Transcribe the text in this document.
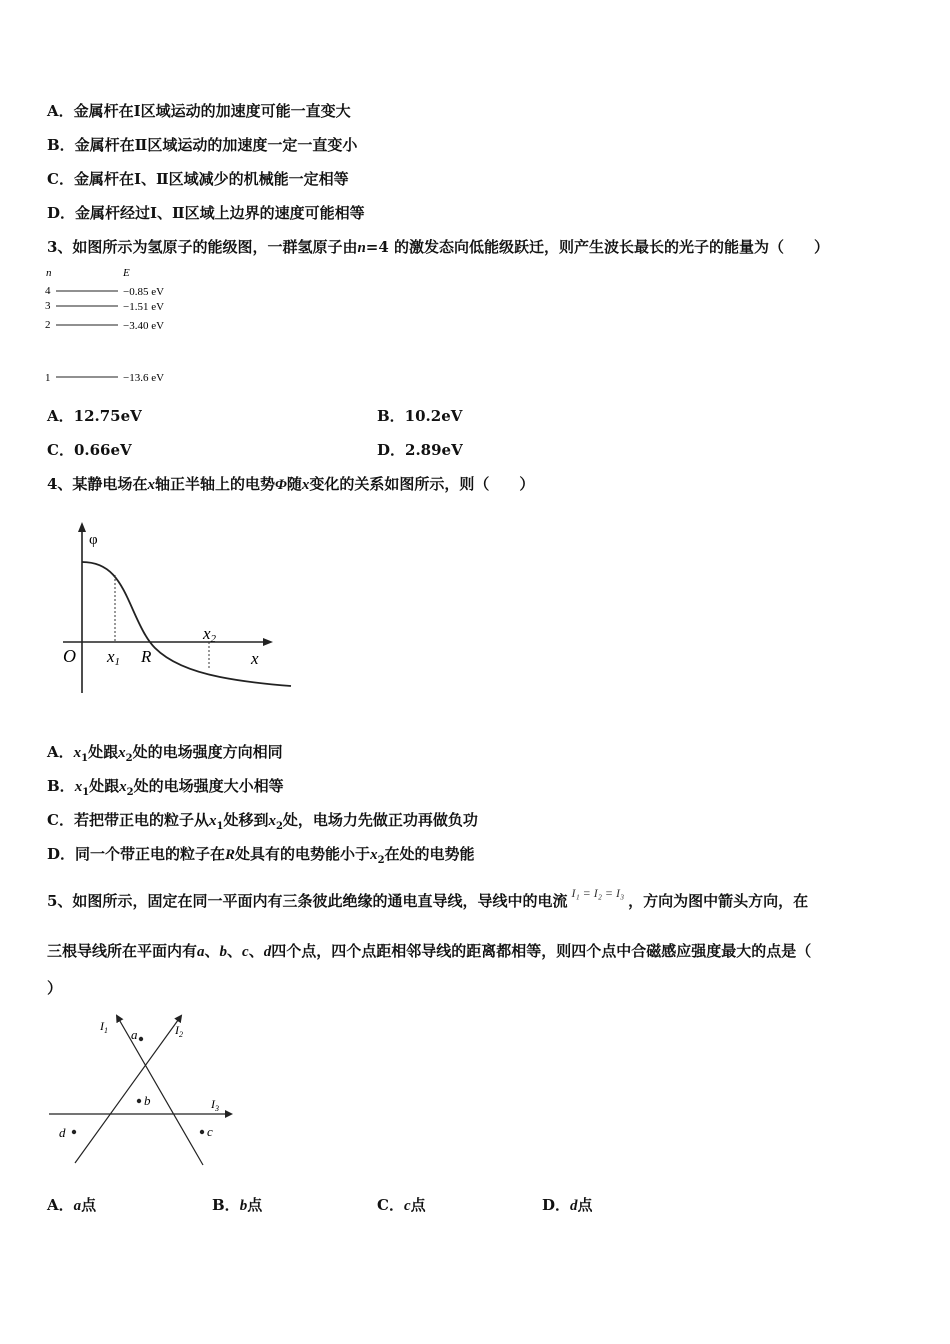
A．金属杆在Ⅰ区域运动的加速度可能一直变大
B．金属杆在Ⅱ区域运动的加速度一定一直变小
C．金属杆在Ⅰ、Ⅱ区域减少的机械能一定相等
D．金属杆经过Ⅰ、Ⅱ区域上边界的速度可能相等
3、如图所示为氢原子的能级图，一群氢原子由n=4 的激发态向低能级跃迁，则产生波长最长的光子的能量为（　　）
n	E
4	−0.85 eV
3	−1.51 eV
2	−3.40 eV
1	−13.6 eV
A．12.75eV	B．10.2eV
C．0.66eV	D．2.89eV
4、某静电场在x轴正半轴上的电势Φ随x变化的关系如图所示，则（　　）
φ
O x1 R
x2
x
A．$x_1$处跟$x_2$处的电场强度方向相同
B．$x_1$处跟$x_2$处的电场强度大小相等
C．若把带正电的粒子从$x_1$处移到$x_2$处，电场力先做正功再做负功
D．同一个带正电的粒子在R处具有的电势能小于$x_2$在处的电势能
5、如图所示，固定在同一平面内有三条彼此绝缘的通电直导线，导线中的电流 $^{I_1 = I_2 = I_3}$ ，方向为图中箭头方向，在
三根导线所在平面内有a、b、c、d四个点，四个点距相邻导线的距离都相等，则四个点中合磁感应强度最大的点是（
）
$I_1$	$I_2$
$I_3$
a
b
c
d
A．a点	B．b点	C．c点	D．d点
